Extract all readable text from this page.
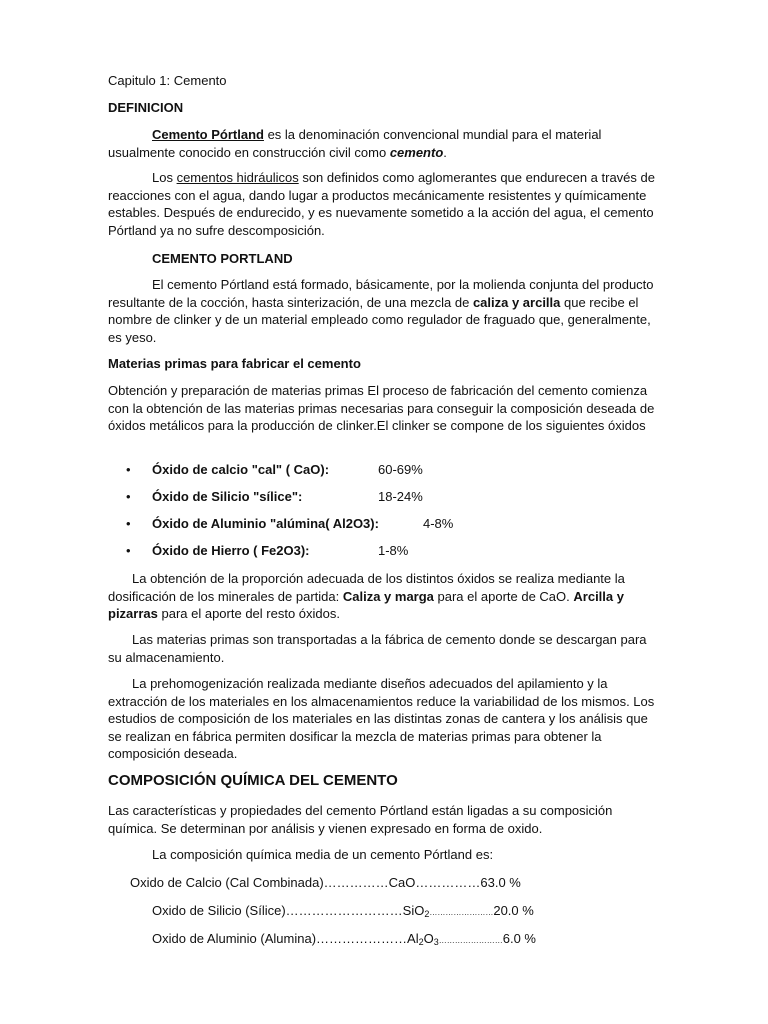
Capitulo 1: Cemento

DEFINICION

Cemento Pórtland es la denominación convencional mundial para el material usualmente conocido en construcción civil como cemento.

Los cementos hidráulicos son definidos como aglomerantes que endurecen a través de reacciones con el agua, dando lugar a productos mecánicamente resistentes y químicamente estables. Después de endurecido, y es nuevamente sometido a la acción del agua, el cemento Pórtland ya no sufre descomposición.

CEMENTO PORTLAND

El cemento Pórtland está formado, básicamente, por la molienda conjunta del producto resultante de la cocción, hasta sinterización, de una mezcla de caliza y arcilla que recibe el nombre de clinker y de un material empleado como regulador de fraguado que, generalmente, es yeso.

Materias primas para fabricar el cemento

Obtención y preparación de materias primas El proceso de fabricación del cemento comienza con la obtención de las materias primas necesarias para conseguir la composición deseada de óxidos metálicos para la producción de clinker.El clinker se compone de los siguientes óxidos

• Óxido de calcio "cal" ( CaO):	60-69%
• Óxido de Silicio "sílice":	18-24%
• Óxido de Aluminio "alúmina( Al2O3):	4-8%
• Óxido de Hierro ( Fe2O3):	1-8%

La obtención de la proporción adecuada de los distintos óxidos se realiza mediante la dosificación de los minerales de partida: Caliza y marga para el aporte de CaO. Arcilla y pizarras para el aporte del resto óxidos.

Las materias primas son transportadas a la fábrica de cemento donde se descargan para su almacenamiento.

La prehomogenización realizada mediante diseños adecuados del apilamiento y la extracción de los materiales en los almacenamientos reduce la variabilidad de los mismos. Los estudios de composición de los materiales en las distintas zonas de cantera y los análisis que se realizan en fábrica permiten dosificar la mezcla de materias primas para obtener la composición deseada.

COMPOSICIÓN QUÍMICA DEL CEMENTO

Las características y propiedades del cemento Pórtland están ligadas a su composición química. Se determinan por análisis y vienen expresado en forma de oxido.

La composición química media de un cemento Pórtland es:

Oxido de Calcio (Cal Combinada)……………CaO……………63.0 %

Oxido de Silicio (Sílice)………………………SiO$_2$……………………20.0 %

Oxido de Aluminio $(Alumina)\dots\dots\dots\dots\dots\dots\dots Al_2O_3\dots\dots\dots\dots\dots\dots\dots\dots 6.0$ %
